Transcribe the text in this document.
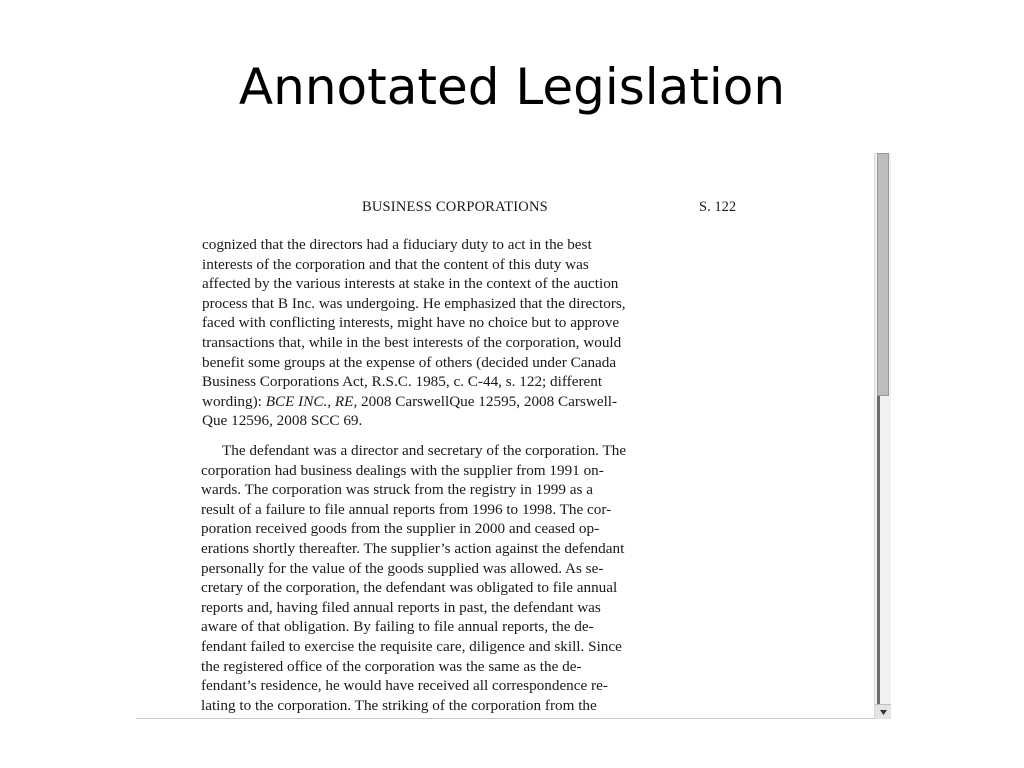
Annotated Legislation
BUSINESS CORPORATIONS	S. 122
cognized that the directors had a fiduciary duty to act in the best
interests of the corporation and that the content of this duty was
affected by the various interests at stake in the context of the auction
process that B Inc. was undergoing. He emphasized that the directors,
faced with conflicting interests, might have no choice but to approve
transactions that, while in the best interests of the corporation, would
benefit some groups at the expense of others (decided under Canada
Business Corporations Act, R.S.C. 1985, c. C-44, s. 122; different
wording): BCE INC., RE, 2008 CarswellQue 12595, 2008 Carswell-
Que 12596, 2008 SCC 69.
The defendant was a director and secretary of the corporation. The
corporation had business dealings with the supplier from 1991 on-
wards. The corporation was struck from the registry in 1999 as a
result of a failure to file annual reports from 1996 to 1998. The cor-
poration received goods from the supplier in 2000 and ceased op-
erations shortly thereafter. The supplier’s action against the defendant
personally for the value of the goods supplied was allowed. As se-
cretary of the corporation, the defendant was obligated to file annual
reports and, having filed annual reports in past, the defendant was
aware of that obligation. By failing to file annual reports, the de-
fendant failed to exercise the requisite care, diligence and skill. Since
the registered office of the corporation was the same as the de-
fendant’s residence, he would have received all correspondence re-
lating to the corporation. The striking of the corporation from the
